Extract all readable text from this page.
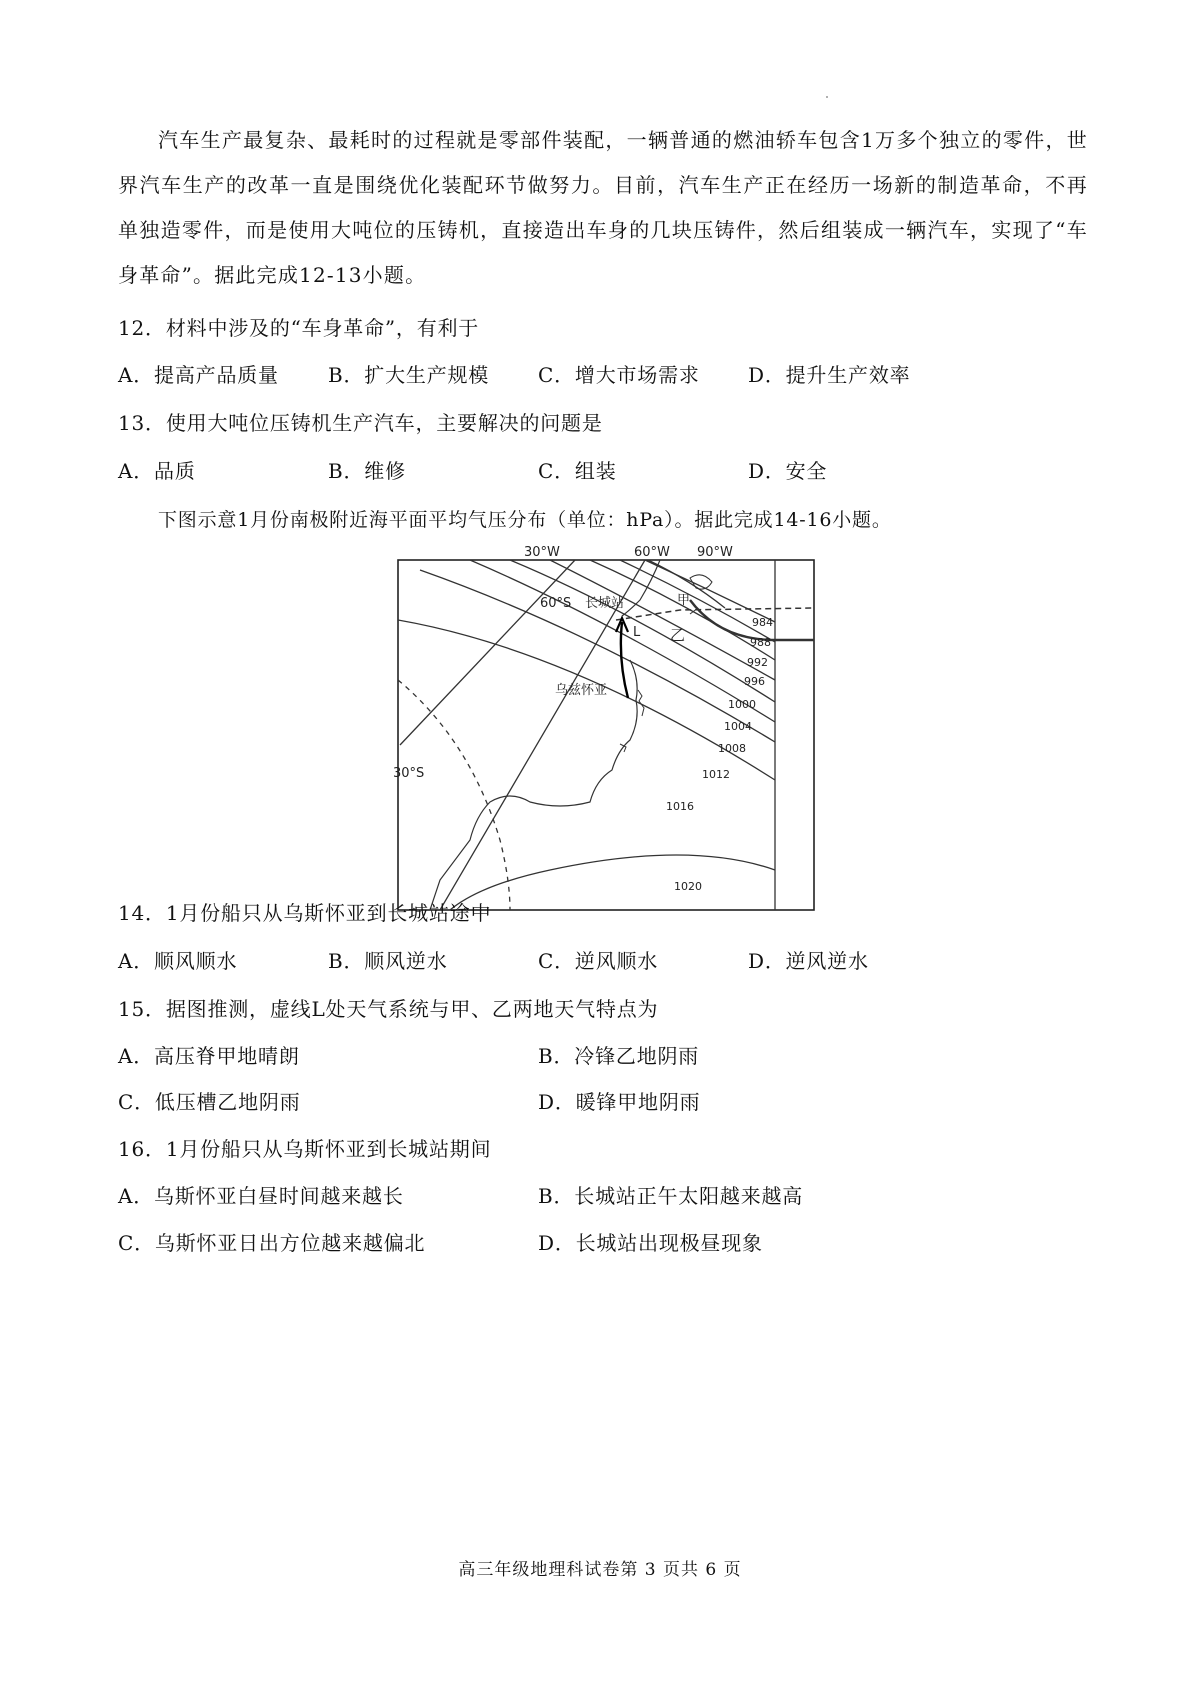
汽车生产最复杂、最耗时的过程就是零部件装配，一辆普通的燃油轿车包含1万多个独立的零件，世界汽车生产的改革一直是围绕优化装配环节做努力。目前，汽车生产正在经历一场新的制造革命，不再单独造零件，而是使用大吨位的压铸机，直接造出车身的几块压铸件，然后组装成一辆汽车，实现了“车身革命”。据此完成12-13小题。

12．材料中涉及的“车身革命”，有利于

A．提高产品质量 B．扩大生产规模 C．增大市场需求 D．提升生产效率

13．使用大吨位压铸机生产汽车，主要解决的问题是

A．品质	B．维修	C．组装	D．安全

下图示意1月份南极附近海平面平均气压分布（单位：hPa）。据此完成14-16小题。

30°W	60°W 90°W
60°S 长城站
L
甲
乙
乌兹怀亚
30°S
984
988
992
996
1000
1004
1008
1012
1016
1020

14．1月份船只从乌斯怀亚到长城站途中

A．顺风顺水	B．顺风逆水	C．逆风顺水	D．逆风逆水

15．据图推测，虚线L处天气系统与甲、乙两地天气特点为

A．高压脊甲地晴朗	B．冷锋乙地阴雨
C．低压槽乙地阴雨	D．暖锋甲地阴雨

16．1月份船只从乌斯怀亚到长城站期间

A．乌斯怀亚白昼时间越来越长	B．长城站正午太阳越来越高
C．乌斯怀亚日出方位越来越偏北	D．长城站出现极昼现象
高三年级地理科试卷第 3 页共 6 页
